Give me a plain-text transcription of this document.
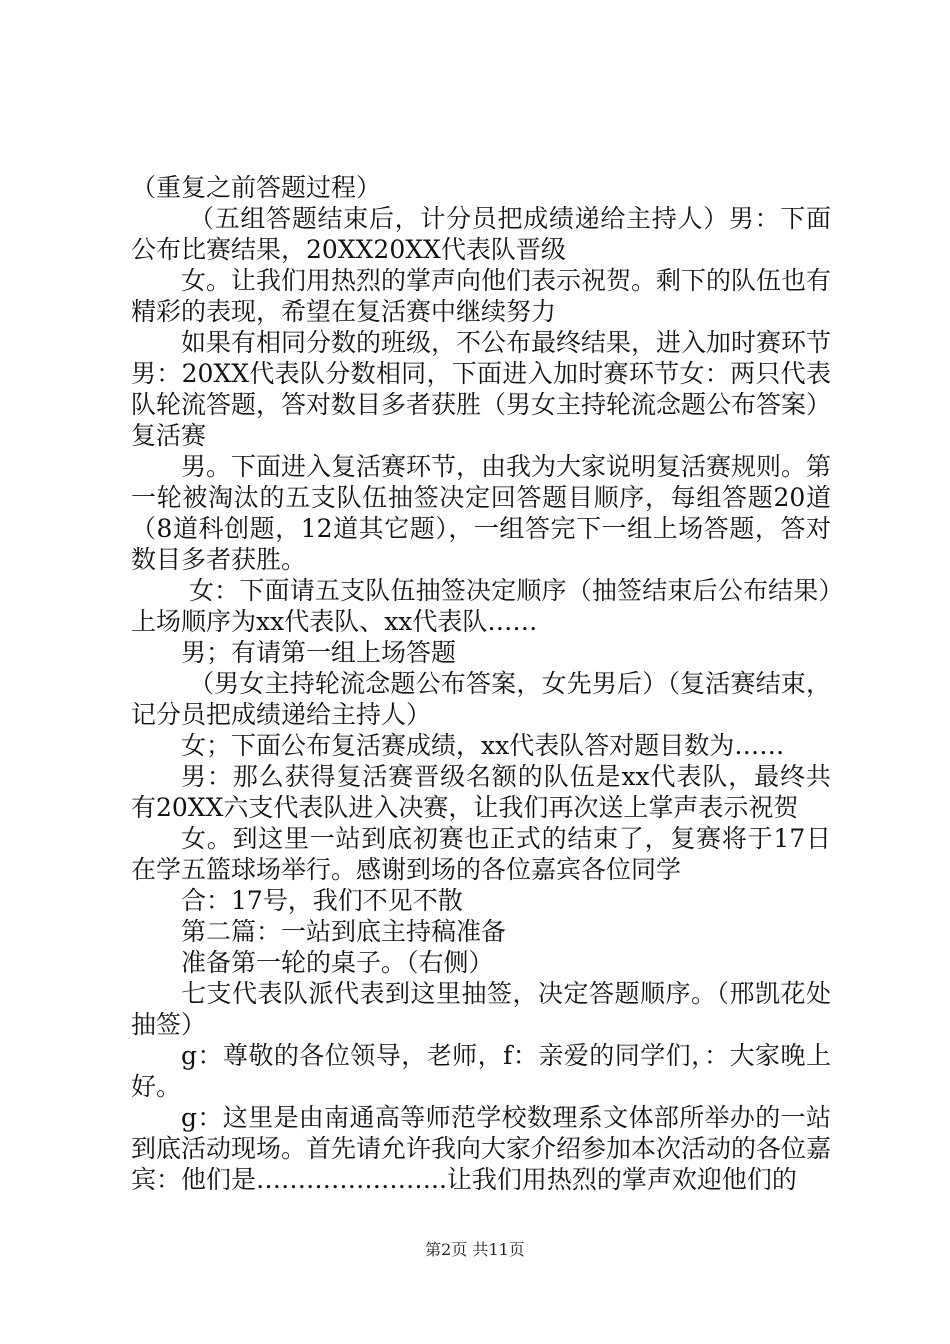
（重复之前答题过程）

（五组答题结束后，计分员把成绩递给主持人）男：下面公布比赛结果，20XX20XX代表队晋级

女。让我们用热烈的掌声向他们表示祝贺。剩下的队伍也有精彩的表现，希望在复活赛中继续努力

如果有相同分数的班级，不公布最终结果，进入加时赛环节男：20XX代表队分数相同，下面进入加时赛环节女：两只代表队轮流答题，答对数目多者获胜（男女主持轮流念题公布答案）复活赛

男。下面进入复活赛环节，由我为大家说明复活赛规则。第一轮被淘汰的五支队伍抽签决定回答题目顺序，每组答题20道（8道科创题，12道其它题），一组答完下一组上场答题，答对数目多者获胜。

女：下面请五支队伍抽签决定顺序（抽签结束后公布结果）上场顺序为xx代表队、xx代表队……

男；有请第一组上场答题

（男女主持轮流念题公布答案，女先男后）（复活赛结束，记分员把成绩递给主持人）

女；下面公布复活赛成绩，xx代表队答对题目数为……

男：那么获得复活赛晋级名额的队伍是xx代表队，最终共有20XX六支代表队进入决赛，让我们再次送上掌声表示祝贺

女。到这里一站到底初赛也正式的结束了，复赛将于17日在学五篮球场举行。感谢到场的各位嘉宾各位同学

合：17号，我们不见不散

第二篇：一站到底主持稿准备

准备第一轮的桌子。（右侧）

七支代表队派代表到这里抽签，决定答题顺序。（邢凯花处抽签）

g：尊敬的各位领导，老师，f：亲爱的同学们，：大家晚上好。

g：这里是由南通高等师范学校数理系文体部所举办的一站到底活动现场。首先请允许我向大家介绍参加本次活动的各位嘉宾：他们是…………………..让我们用热烈的掌声欢迎他们的

第2页 共11页
